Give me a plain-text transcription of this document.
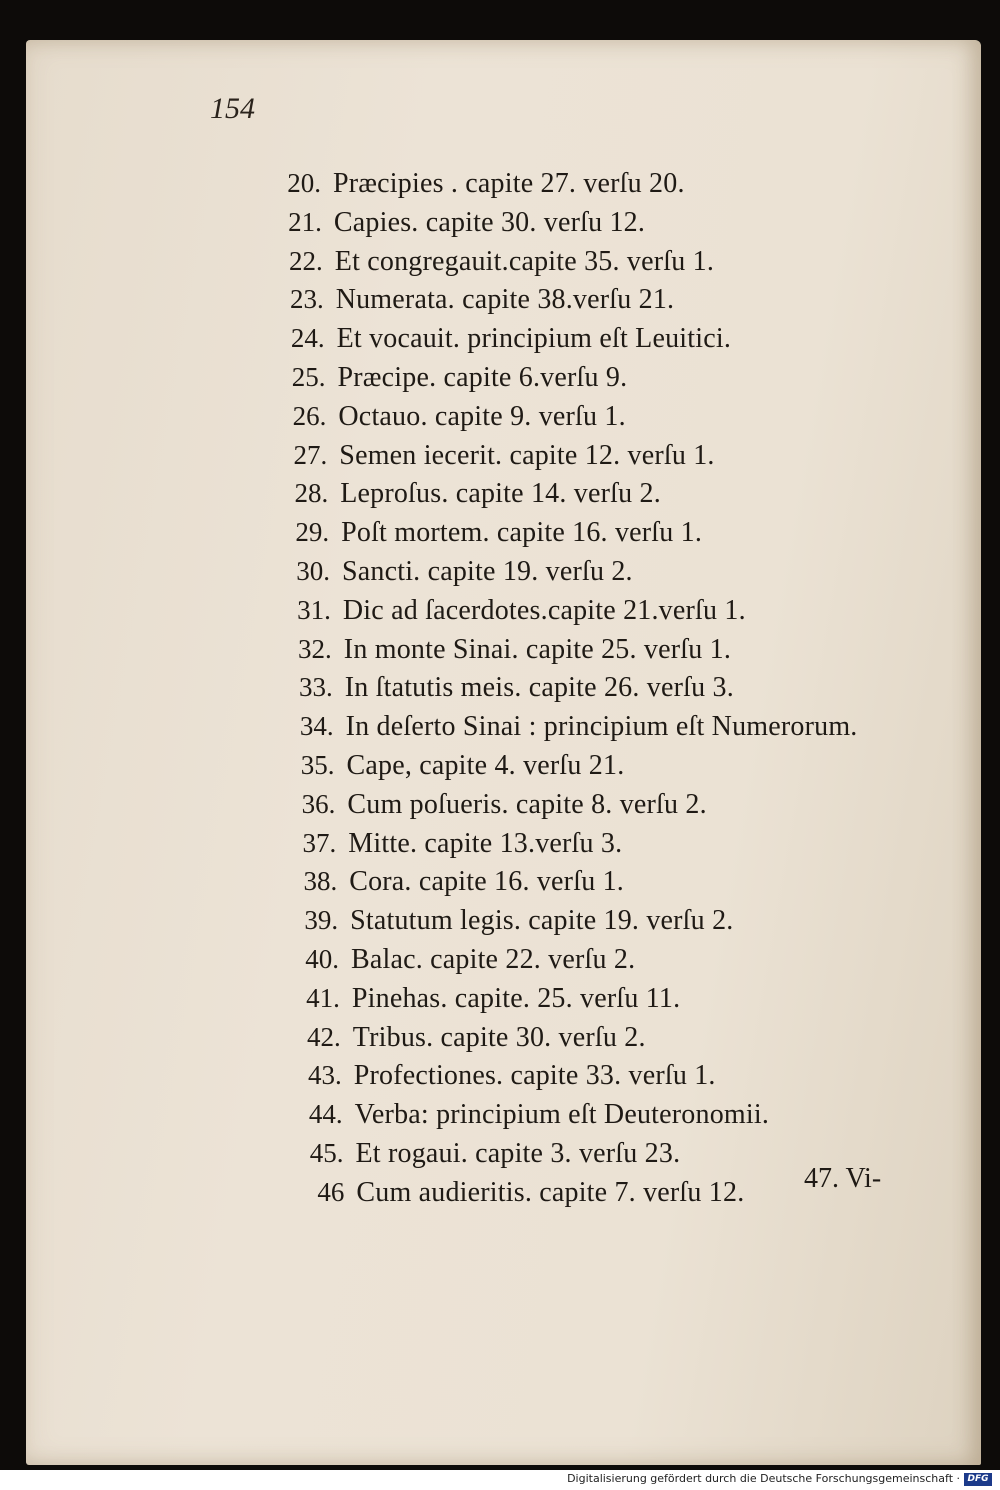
154
20. Præcipies . capite 27. verſu 20.
21. Capies. capite 30. verſu 12.
22. Et congregauit.capite 35. verſu 1.
23. Numerata. capite 38.verſu 21.
24. Et vocauit. principium eſt Leuitici.
25. Præcipe. capite 6.verſu 9.
26. Octauo. capite 9. verſu 1.
27. Semen iecerit. capite 12. verſu 1.
28. Leproſus. capite 14. verſu 2.
29. Poſt mortem. capite 16. verſu 1.
30. Sancti. capite 19. verſu 2.
31. Dic ad ſacerdotes.capite 21.verſu 1.
32. In monte Sinai. capite 25. verſu 1.
33. In ſtatutis meis. capite 26. verſu 3.
34. In deſerto Sinai : principium eſt Numerorum.
35. Cape, capite 4. verſu 21.
36. Cum poſueris. capite 8. verſu 2.
37. Mitte. capite 13.verſu 3.
38. Cora. capite 16. verſu 1.
39. Statutum legis. capite 19. verſu 2.
40. Balac. capite 22. verſu 2.
41. Pinehas. capite. 25. verſu 11.
42. Tribus. capite 30. verſu 2.
43. Profectiones. capite 33. verſu 1.
44. Verba: principium eſt Deuteronomii.
45. Et rogaui. capite 3. verſu 23.
46 Cum audieritis. capite 7. verſu 12. 47. Vi-
Digitalisierung gefördert durch die Deutsche Forschungsgemeinschaft · DFG
